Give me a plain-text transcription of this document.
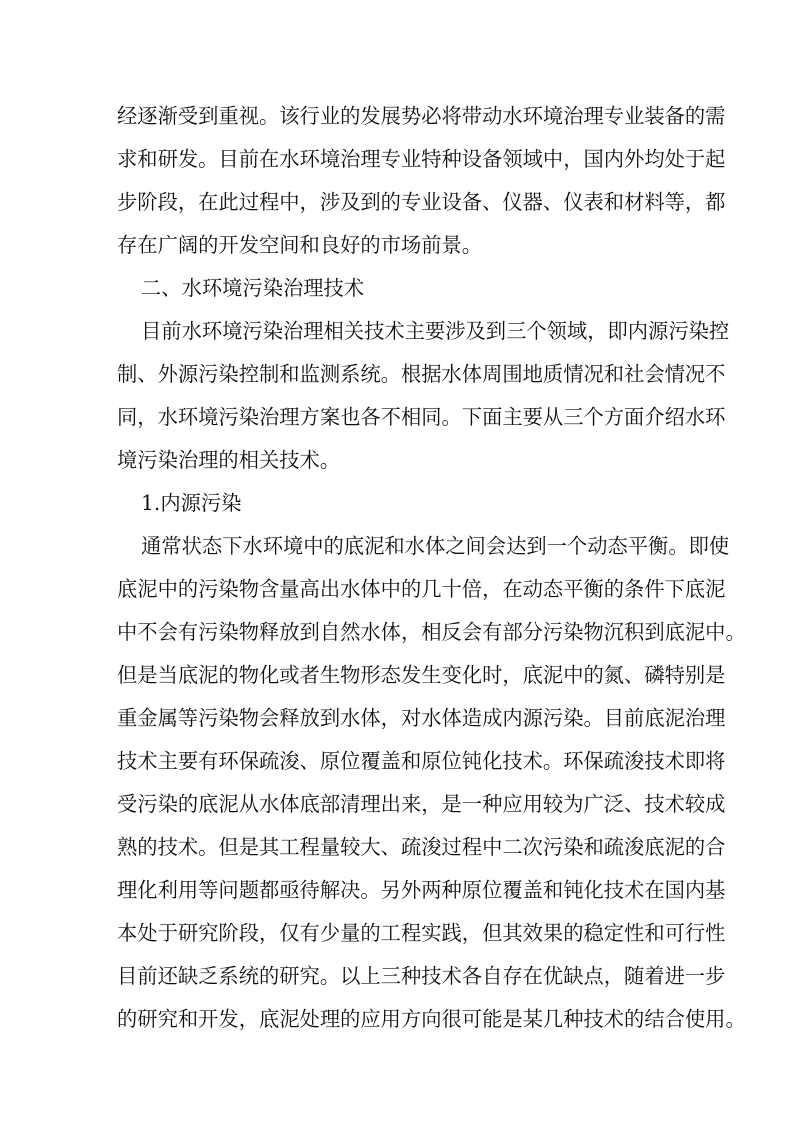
经逐渐受到重视。该行业的发展势必将带动水环境治理专业装备的需
求和研发。目前在水环境治理专业特种设备领域中，国内外均处于起
步阶段，在此过程中，涉及到的专业设备、仪器、仪表和材料等，都
存在广阔的开发空间和良好的市场前景。
二、水环境污染治理技术
目前水环境污染治理相关技术主要涉及到三个领域，即内源污染控
制、外源污染控制和监测系统。根据水体周围地质情况和社会情况不
同，水环境污染治理方案也各不相同。下面主要从三个方面介绍水环
境污染治理的相关技术。
1.内源污染
通常状态下水环境中的底泥和水体之间会达到一个动态平衡。即使
底泥中的污染物含量高出水体中的几十倍，在动态平衡的条件下底泥
中不会有污染物释放到自然水体，相反会有部分污染物沉积到底泥中。
但是当底泥的物化或者生物形态发生变化时，底泥中的氮、磷特别是
重金属等污染物会释放到水体，对水体造成内源污染。目前底泥治理
技术主要有环保疏浚、原位覆盖和原位钝化技术。环保疏浚技术即将
受污染的底泥从水体底部清理出来，是一种应用较为广泛、技术较成
熟的技术。但是其工程量较大、疏浚过程中二次污染和疏浚底泥的合
理化利用等问题都亟待解决。另外两种原位覆盖和钝化技术在国内基
本处于研究阶段，仅有少量的工程实践，但其效果的稳定性和可行性
目前还缺乏系统的研究。以上三种技术各自存在优缺点，随着进一步
的研究和开发，底泥处理的应用方向很可能是某几种技术的结合使用。
